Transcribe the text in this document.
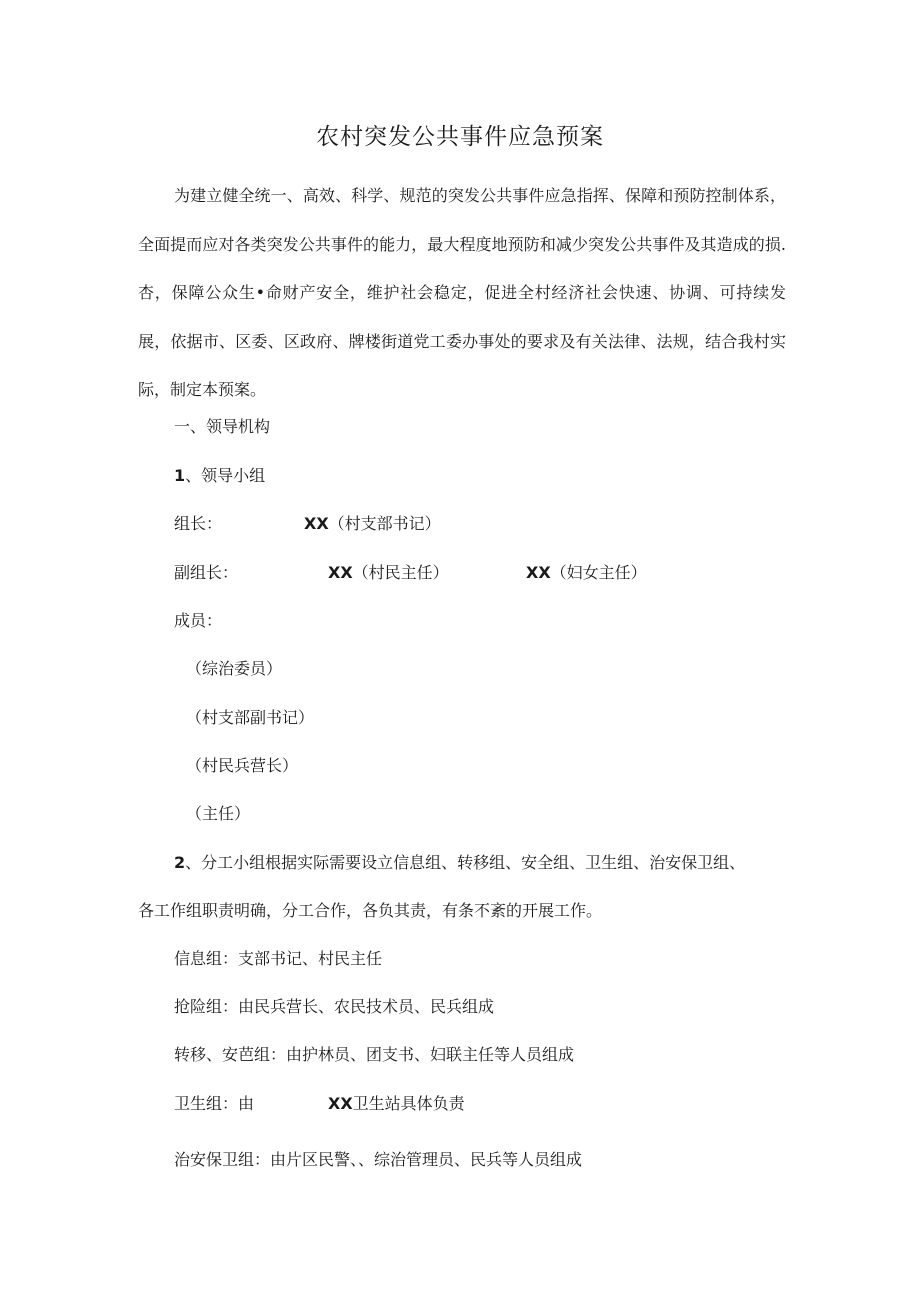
农村突发公共事件应急预案
为建立健全统一、高效、科学、规范的突发公共事件应急指挥、保障和预防控制体系，全面提而应对各类突发公共事件的能力，最大程度地预防和减少突发公共事件及其造成的损.杏，保障公众生•命财产安全，维护社会稳定，促进全村经济社会快速、协调、可持续发展，依据市、区委、区政府、牌楼街道党工委办事处的要求及有关法律、法规，结合我村实际，制定本预案。
一、领导机构
1、领导小组
组长：	XX（村支部书记）
副组长：	XX（村民主任）	XX（妇女主任）
成员：
（综治委员）
（村支部副书记）
（村民兵营长）
（主任）
2、分工小组根据实际需要设立信息组、转移组、安全组、卫生组、治安保卫组、
各工作组职责明确，分工合作，各负其责，有条不紊的开展工作。
信息组：支部书记、村民主任
抢险组：由民兵营长、农民技术员、民兵组成
转移、安芭组：由护林员、团支书、妇联主任等人员组成
卫生组：由	XX卫生站具体负责
治安保卫组：由片区民警、、综治管理员、民兵等人员组成
